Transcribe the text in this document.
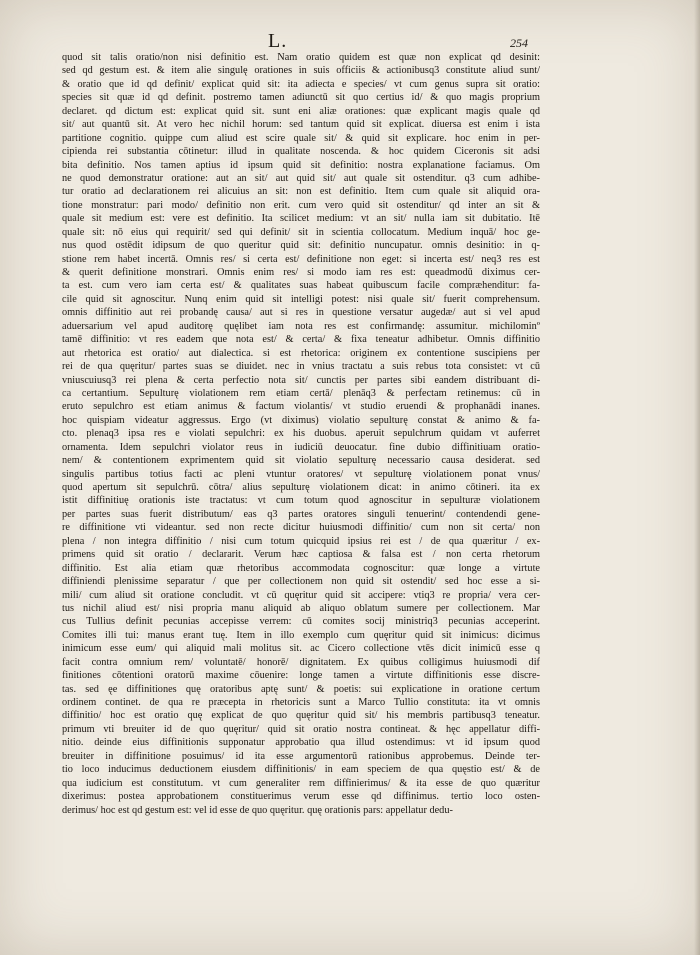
L.	254
quod sit talis oratio/non nisi definitio est. Nam oratio quidem est quæ non explicat qd desinit:
sed qd gestum est. & item alie singulę orationes in suis officiis & actionibusq3 constitute aliud sunt/
& oratio que id qd definit/ explicat quid sit: ita adiecta e species/ vt cum genus supra sit oratio:
species sit quæ id qd definit. postremo tamen adiunctū sit quo certius id/ & quo magis proprium
declaret. qd dictum est: explicat quid sit. sunt eni aliæ orationes: quæ explicant magis quale qd
sit/ aut quantū sit. At vero hec nichil horum: sed tantum quid sit explicat. diuersa est enim i ista
partitione cognitio. quippe cum aliud est scire quale sit/ & quid sit explicare. hoc enim in per-
cipienda rei substantia cōtinetur: illud in qualitate noscenda. & hoc quidem Ciceronis sit adsi
bita definitio. Nos tamen aptius id ipsum quid sit definitio: nostra explanatione faciamus. Om
ne quod demonstratur oratione: aut an sit/ aut quid sit/ aut quale sit ostenditur. q3 cum adhibe-
tur oratio ad declarationem rei alicuius an sit: non est definitio. Item cum quale sit aliquid ora-
tione monstratur: pari modo/ definitio non erit. cum vero quid sit ostenditur/ qd inter an sit &
quale sit medium est: vere est definitio. Ita scilicet medium: vt an sit/ nulla iam sit dubitatio. Itē
quale sit: nō eius qui requirit/ sed qui definit/ sit in scientia collocatum. Medium inquā/ hoc ge-
nus quod ostēdit idipsum de quo queritur quid sit: definitio nuncupatur. omnis desinitio: in q-
stione rem habet incertā. Omnis res/ si certa est/ definitione non eget: si incerta est/ neq3 res est
& querit definitione monstrari. Omnis enim res/ si modo iam res est: queadmodū diximus cer-
ta est. cum vero iam certa est/ & qualitates suas habeat quibuscum facile compræhenditur: fa-
cile quid sit agnoscitur. Nunq enim quid sit intelligi potest: nisi quale sit/ fuerit comprehensum.
omnis diffinitio aut rei probandę causa/ aut si res in questione versatur augedæ/ aut si vel apud
aduersarium vel apud auditorę quęlibet iam nota res est confirmandę: assumitur. michilominº
tamē diffinitio: vt res eadem que nota est/ & certa/ & fixa teneatur adhibetur. Omnis diffinitio
aut rhetorica est oratio/ aut dialectica. si est rhetorica: originem ex contentione suscipiens per
rei de qua quęritur/ partes suas se diuidet. nec in vnius tractatu a suis rebus tota consistet: vt cū
vniuscuiusq3 rei plena & certa perfectio nota sit/ cunctis per partes sibi eandem distribuant di-
ca certantium. Sepulturę violationem rem etiam certā/ plenāq3 & perfectam retinemus: cū in
eruto sepulchro est etiam animus & factum violantis/ vt studio eruendi & prophanādi inanes.
hoc quispiam videatur aggressus. Ergo (vt diximus) violatio sepulturę constat & animo & fa-
cto. plenaq3 ipsa res e violati sepulchri: ex his duobus. aperuit sepulchrum quidam vt auferret
ornamenta. Idem sepulchri violator reus in iudiciū deuocatur. fine dubio diffinitiuam oratio-
nem/ & contentionem exprimentem quid sit violatio sepulturę necessario causa desiderat. sed
singulis partibus totius facti ac pleni vtuntur oratores/ vt sepulturę violationem ponat vnus/
quod apertum sit sepulchrū. cōtra/ alius sepulturę violationem dicat: in animo cōtineri. ita ex
istit diffinitiuę orationis iste tractatus: vt cum totum quod agnoscitur in sepulturæ violationem
per partes suas fuerit distributum/ eas q3 partes oratores singuli tenuerint/ contendendi gene-
re diffinitione vti videantur. sed non recte dicitur huiusmodi diffinitio/ cum non sit certa/ non
plena / non integra diffinitio / nisi cum totum quicquid ipsius rei est / de qua quæritur / ex-
primens quid sit oratio / declararit. Verum hæc captiosa & falsa est / non certa rhetorum
diffinitio. Est alia etiam quæ rhetoribus accommodata cognoscitur: quæ longe a virtute
diffiniendi plenissime separatur / que per collectionem non quid sit ostendit/ sed hoc esse a si-
mili/ cum aliud sit oratione concludit. vt cū quęritur quid sit accipere: vtiq3 re propria/ vera cer-
tus nichil aliud est/ nisi propria manu aliquid ab aliquo oblatum sumere per collectionem. Mar
cus Tullius definit pecunias accepisse verrem: cū comites socij ministriq3 pecunias acceperint.
Comites illi tui: manus erant tuę. Item in illo exemplo cum quęritur quid sit inimicus: dicimus
inimicum esse eum/ qui aliquid mali molitus sit. ac Cicero collectione vtēs dicit inimicū esse q
facit contra omnium rem/ voluntatē/ honorē/ dignitatem. Ex quibus colligimus huiusmodi dif
finitiones cōtentioni oratorū maxime cōuenire: longe tamen a virtute diffinitionis esse discre-
tas. sed ęe diffinitiones quę oratoribus aptę sunt/ & poetis: sui explicatione in oratione certum
ordinem continet. de qua re præcepta in rhetoricis sunt a Marco Tullio constituta: ita vt omnis
diffinitio/ hoc est oratio quę explicat de quo quęritur quid sit/ his membris partibusq3 teneatur.
primum vti breuiter id de quo quęritur/ quid sit oratio nostra contineat. & hęc appellatur diffi-
nitio. deinde eius diffinitionis supponatur approbatio qua illud ostendimus: vt id ipsum quod
breuiter in diffinitione posuimus/ id ita esse argumentorū rationibus approbemus. Deinde ter-
tio loco inducimus deductionem eiusdem diffinitionis/ in eam speciem de qua quęstio est/ & de
qua iudicium est constitutum. vt cum generaliter rem diffinierimus/ & ita esse de quo quæritur
dixerimus: postea approbationem constituerimus verum esse qd diffinimus. tertio loco osten-
derimus/ hoc est qd gestum est: vel id esse de quo quęritur. quę orationis pars: appellatur dedu-
